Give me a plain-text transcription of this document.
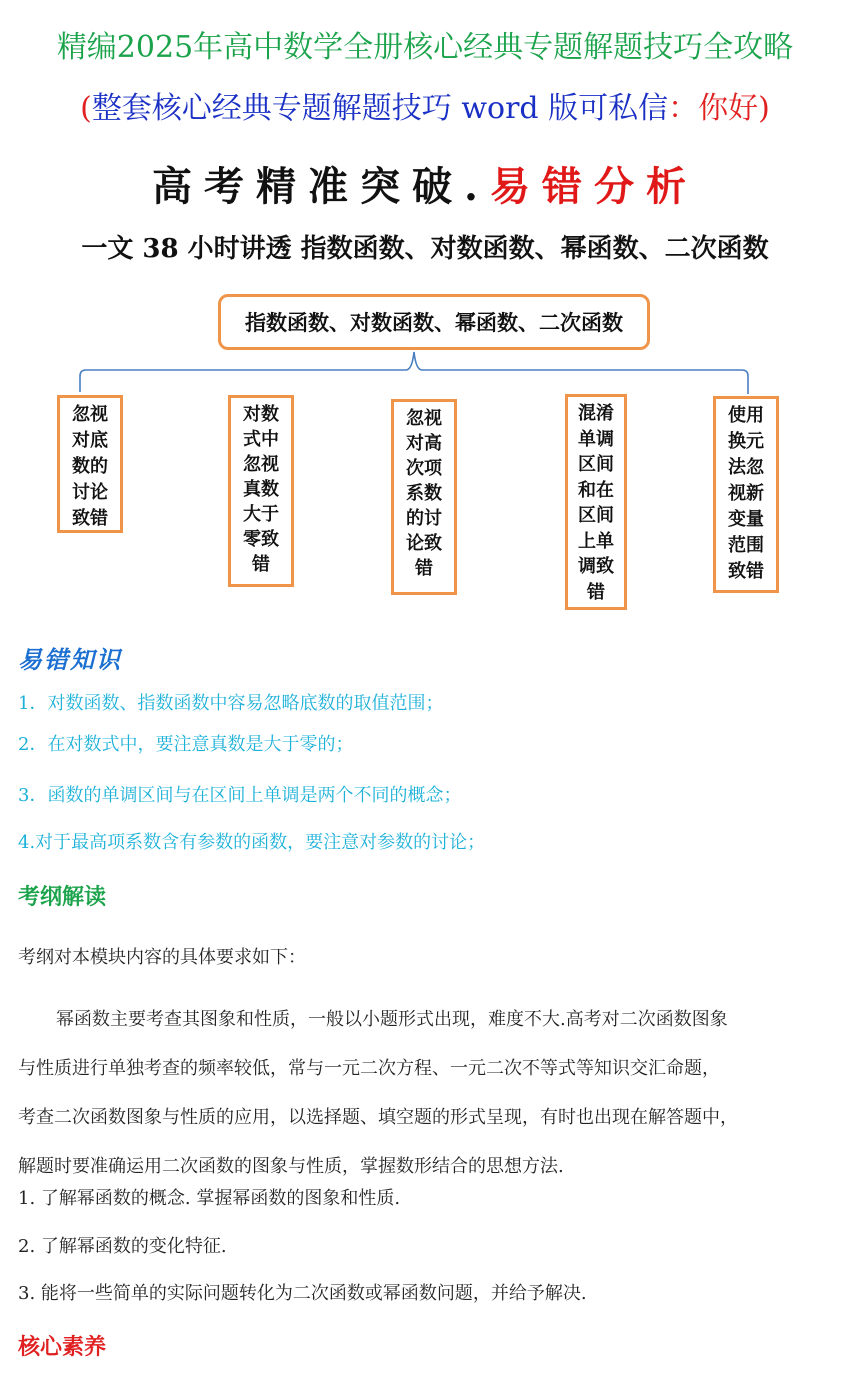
精编2025年高中数学全册核心经典专题解题技巧全攻略
(整套核心经典专题解题技巧 word 版可私信：你好)
高考精准突破.易错分析
一文 38 小时讲透 指数函数、对数函数、幂函数、二次函数
指数函数、对数函数、幂函数、二次函数
忽视
对底
数的
讨论
致错
对数
式中
忽视
真数
大于
零致
错
忽视
对高
次项
系数
的讨
论致
错
混淆
单调
区间
和在
区间
上单
调致
错
使用
换元
法忽
视新
变量
范围
致错
易错知识
1．对数函数、指数函数中容易忽略底数的取值范围；
2．在对数式中，要注意真数是大于零的；
3．函数的单调区间与在区间上单调是两个不同的概念；
4.对于最高项系数含有参数的函数，要注意对参数的讨论；
考纲解读
考纲对本模块内容的具体要求如下：
幂函数主要考查其图象和性质，一般以小题形式出现，难度不大.高考对二次函数图象
与性质进行单独考查的频率较低，常与一元二次方程、一元二次不等式等知识交汇命题，
考查二次函数图象与性质的应用，以选择题、填空题的形式呈现，有时也出现在解答题中，
解题时要准确运用二次函数的图象与性质，掌握数形结合的思想方法.
1. 了解幂函数的概念. 掌握幂函数的图象和性质.
2. 了解幂函数的变化特征.
3. 能将一些简单的实际问题转化为二次函数或幂函数问题，并给予解决.
核心素养
